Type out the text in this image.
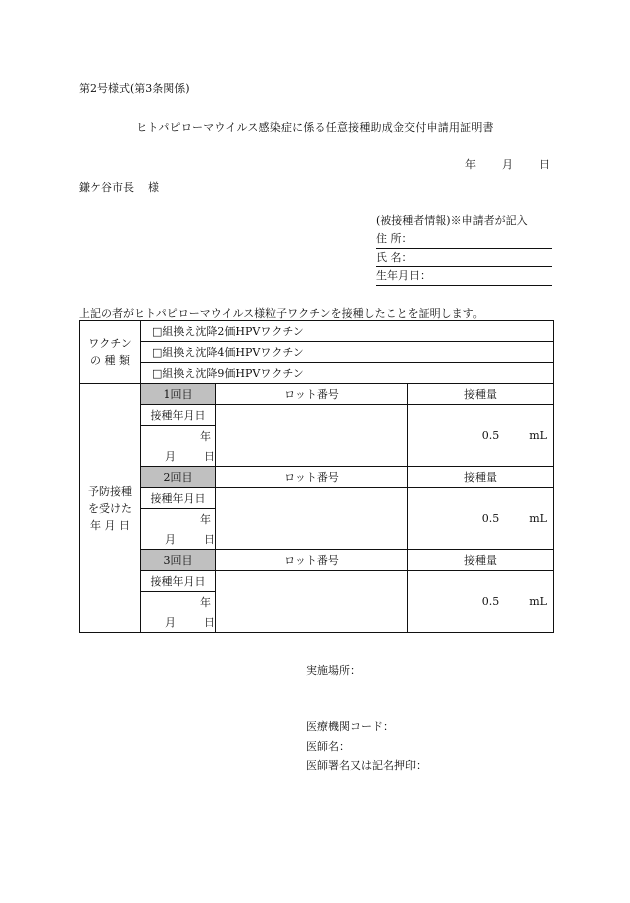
第2号様式(第3条関係)
ヒトパピローマウイルス感染症に係る任意接種助成金交付申請用証明書
年	月	日
鎌ケ谷市長 様
(被接種者情報)※申請者が記入
住 所：
氏 名：
生年月日：
上記の者がヒトパピローマウイルス様粒子ワクチンを接種したことを証明します。
ワクチン
の 種 類	□組換え沈降2価HPVワクチン		
	□組換え沈降4価HPVワクチン		
	□組換え沈降9価HPVワクチン		

予防接種
を受けた
年 月 日	1回目	ロット番号	接種量
	接種年月日		0.5 mL
	年		
	月 日		
	2回目	ロット番号	接種量
	接種年月日		0.5 mL
	年		
	月 日		
	3回目	ロット番号	接種量
	接種年月日		0.5 mL
	年		
	月 日		
実施場所：
医療機関コード：
医師名：
医師署名又は記名押印：
